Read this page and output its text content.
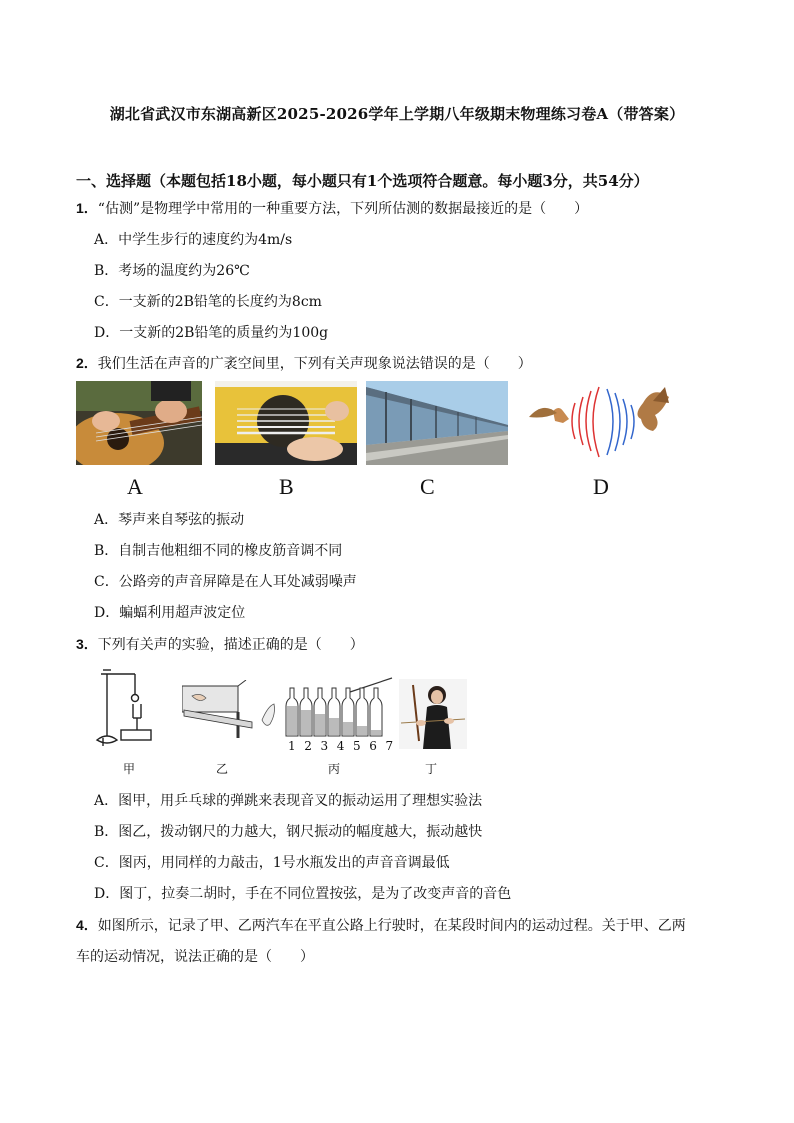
湖北省武汉市东湖高新区2025-2026学年上学期八年级期末物理练习卷A（带答案）
一、选择题（本题包括18小题，每小题只有1个选项符合题意。每小题3分，共54分）
1．“估测”是物理学中常用的一种重要方法，下列所估测的数据最接近的是（　　）
A．中学生步行的速度约为4m/s
B．考场的温度约为26℃
C．一支新的2B铅笔的长度约为8cm
D．一支新的2B铅笔的质量约为100g
2．我们生活在声音的广袤空间里，下列有关声现象说法错误的是（　　）
A	B	C	D
A．琴声来自琴弦的振动
B．自制吉他粗细不同的橡皮筋音调不同
C．公路旁的声音屏障是在人耳处减弱噪声
D．蝙蝠利用超声波定位
3．下列有关声的实验，描述正确的是（　　）
1 2 3 4 5 6 7
甲	乙	丙	丁
A．图甲，用乒乓球的弹跳来表现音叉的振动运用了理想实验法
B．图乙，拨动钢尺的力越大，钢尺振动的幅度越大，振动越快
C．图丙，用同样的力敲击，1号水瓶发出的声音音调最低
D．图丁，拉奏二胡时，手在不同位置按弦，是为了改变声音的音色
4．如图所示，记录了甲、乙两汽车在平直公路上行驶时，在某段时间内的运动过程。关于甲、乙两
车的运动情况，说法正确的是（　　）
